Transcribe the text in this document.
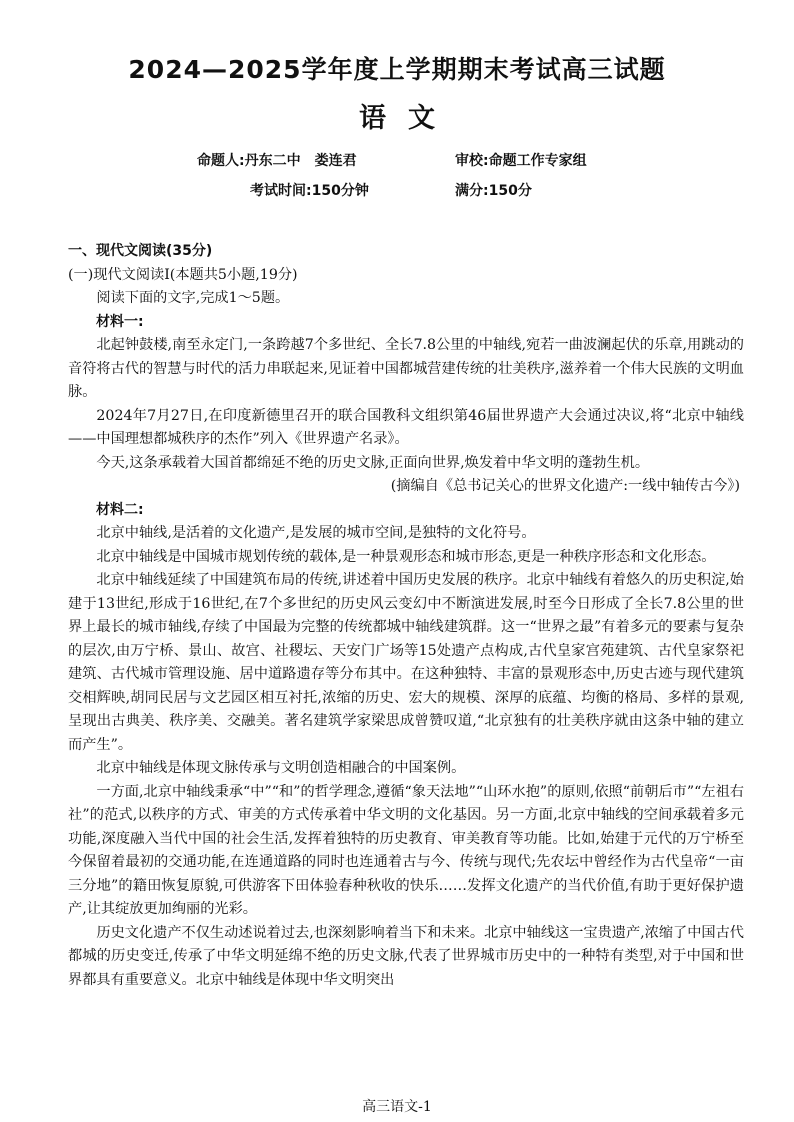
2024—2025学年度上学期期末考试高三试题
语文
命题人:丹东二中　娄连君	审校:命题工作专家组
考试时间:150分钟	满分:150分

一、现代文阅读(35分)

(一)现代文阅读Ⅰ(本题共5小题,19分)

阅读下面的文字,完成1～5题。

材料一:

北起钟鼓楼,南至永定门,一条跨越7个多世纪、全长7.8公里的中轴线,宛若一曲波澜起伏的乐章,用跳动的音符将古代的智慧与时代的活力串联起来,见证着中国都城营建传统的壮美秩序,滋养着一个伟大民族的文明血脉。

2024年7月27日,在印度新德里召开的联合国教科文组织第46届世界遗产大会通过决议,将“北京中轴线——中国理想都城秩序的杰作”列入《世界遗产名录》。

今天,这条承载着大国首都绵延不绝的历史文脉,正面向世界,焕发着中华文明的蓬勃生机。

(摘编自《总书记关心的世界文化遗产:一线中轴传古今》)

材料二:

北京中轴线,是活着的文化遗产,是发展的城市空间,是独特的文化符号。

北京中轴线是中国城市规划传统的载体,是一种景观形态和城市形态,更是一种秩序形态和文化形态。

北京中轴线延续了中国建筑布局的传统,讲述着中国历史发展的秩序。北京中轴线有着悠久的历史积淀,始建于13世纪,形成于16世纪,在7个多世纪的历史风云变幻中不断演进发展,时至今日形成了全长7.8公里的世界上最长的城市轴线,存续了中国最为完整的传统都城中轴线建筑群。这一“世界之最”有着多元的要素与复杂的层次,由万宁桥、景山、故宫、社稷坛、天安门广场等15处遗产点构成,古代皇家宫苑建筑、古代皇家祭祀建筑、古代城市管理设施、居中道路遗存等分布其中。在这种独特、丰富的景观形态中,历史古迹与现代建筑交相辉映,胡同民居与文艺园区相互衬托,浓缩的历史、宏大的规模、深厚的底蕴、均衡的格局、多样的景观,呈现出古典美、秩序美、交融美。著名建筑学家梁思成曾赞叹道,“北京独有的壮美秩序就由这条中轴的建立而产生”。

北京中轴线是体现文脉传承与文明创造相融合的中国案例。

一方面,北京中轴线秉承“中”“和”的哲学理念,遵循“象天法地”“山环水抱”的原则,依照“前朝后市”“左祖右社”的范式,以秩序的方式、审美的方式传承着中华文明的文化基因。另一方面,北京中轴线的空间承载着多元功能,深度融入当代中国的社会生活,发挥着独特的历史教育、审美教育等功能。比如,始建于元代的万宁桥至今保留着最初的交通功能,在连通道路的同时也连通着古与今、传统与现代;先农坛中曾经作为古代皇帝“一亩三分地”的籍田恢复原貌,可供游客下田体验春种秋收的快乐……发挥文化遗产的当代价值,有助于更好保护遗产,让其绽放更加绚丽的光彩。

历史文化遗产不仅生动述说着过去,也深刻影响着当下和未来。北京中轴线这一宝贵遗产,浓缩了中国古代都城的历史变迁,传承了中华文明延绵不绝的历史文脉,代表了世界城市历史中的一种特有类型,对于中国和世界都具有重要意义。北京中轴线是体现中华文明突出

高三语文-1
